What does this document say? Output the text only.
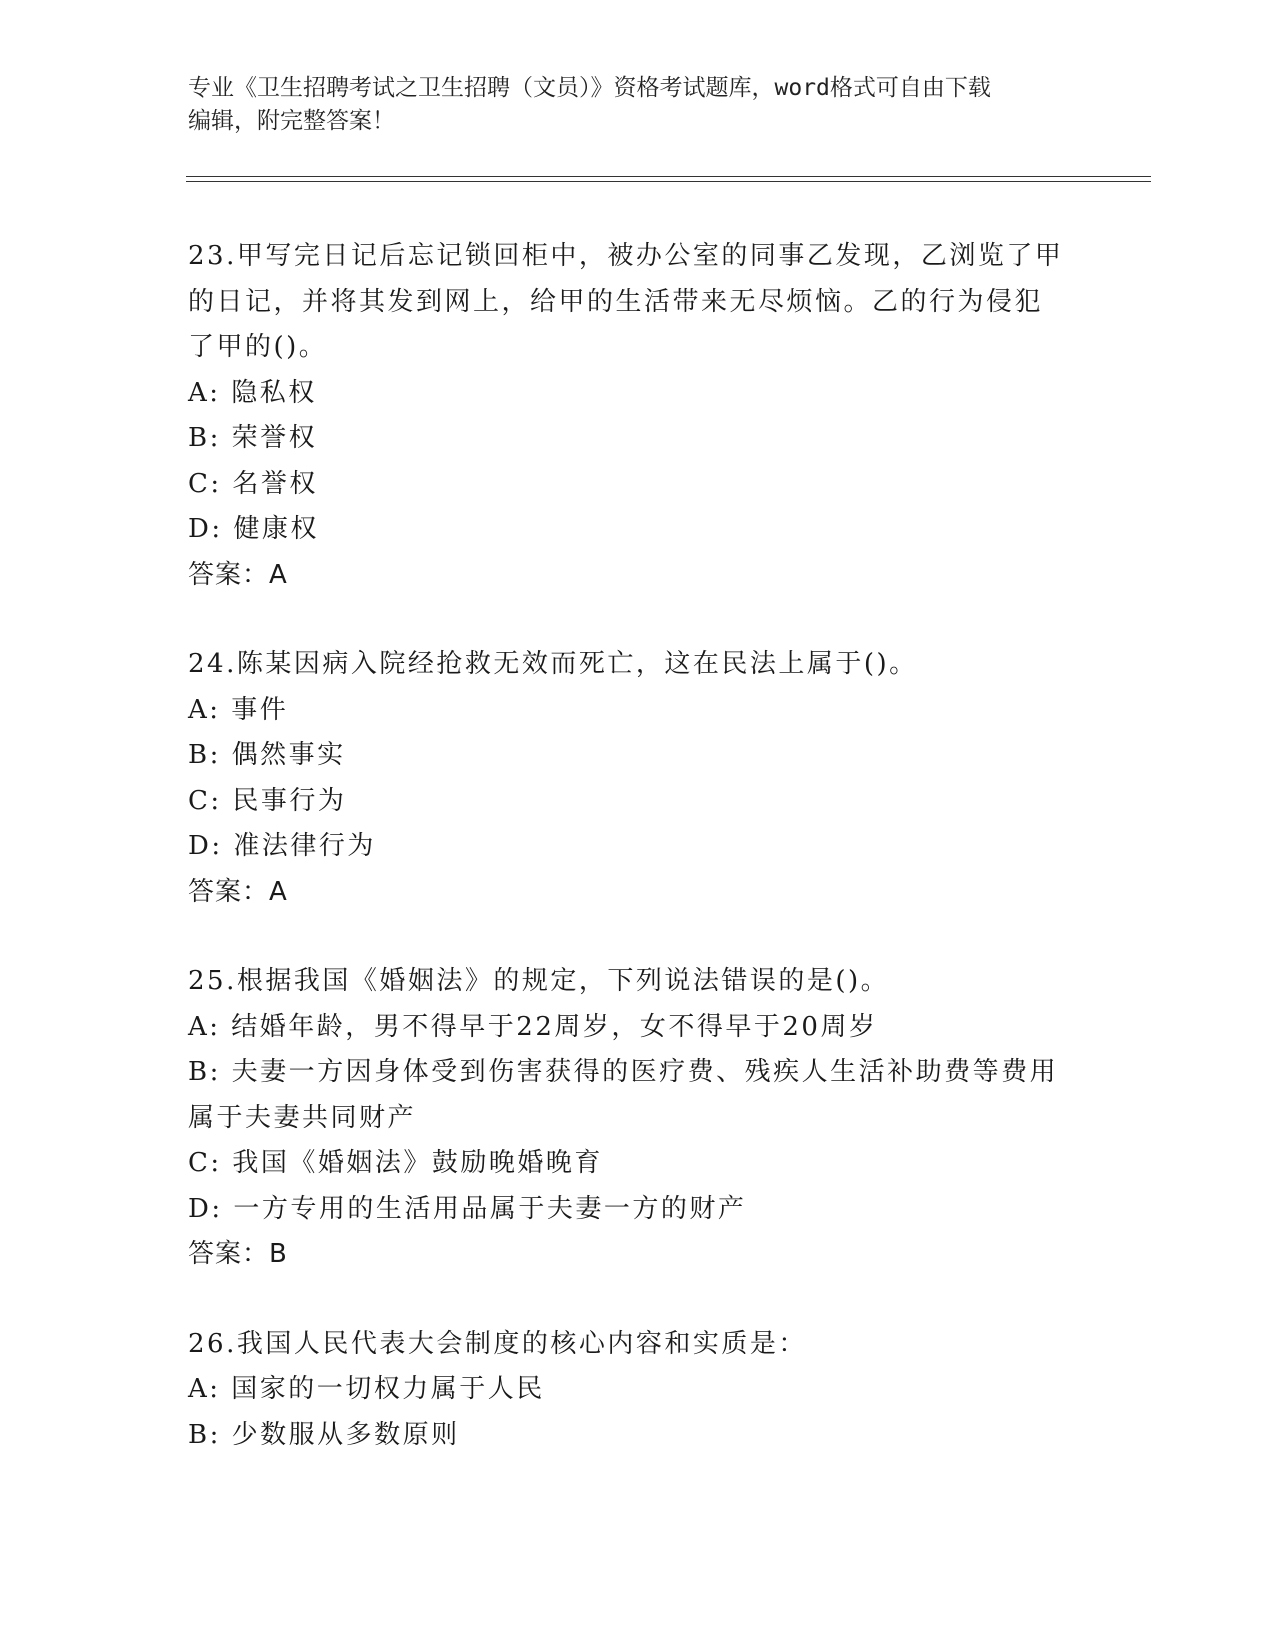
专业《卫生招聘考试之卫生招聘（文员）》资格考试题库，word格式可自由下载
编辑，附完整答案！
23.甲写完日记后忘记锁回柜中，被办公室的同事乙发现，乙浏览了甲
的日记，并将其发到网上，给甲的生活带来无尽烦恼。乙的行为侵犯
了甲的()。
A: 隐私权
B: 荣誉权
C: 名誉权
D: 健康权
答案：A
24.陈某因病入院经抢救无效而死亡，这在民法上属于()。
A: 事件
B: 偶然事实
C: 民事行为
D: 准法律行为
答案：A
25.根据我国《婚姻法》的规定，下列说法错误的是()。
A: 结婚年龄，男不得早于22周岁，女不得早于20周岁
B: 夫妻一方因身体受到伤害获得的医疗费、残疾人生活补助费等费用
属于夫妻共同财产
C: 我国《婚姻法》鼓励晚婚晚育
D: 一方专用的生活用品属于夫妻一方的财产
答案：B
26.我国人民代表大会制度的核心内容和实质是：
A: 国家的一切权力属于人民
B: 少数服从多数原则
